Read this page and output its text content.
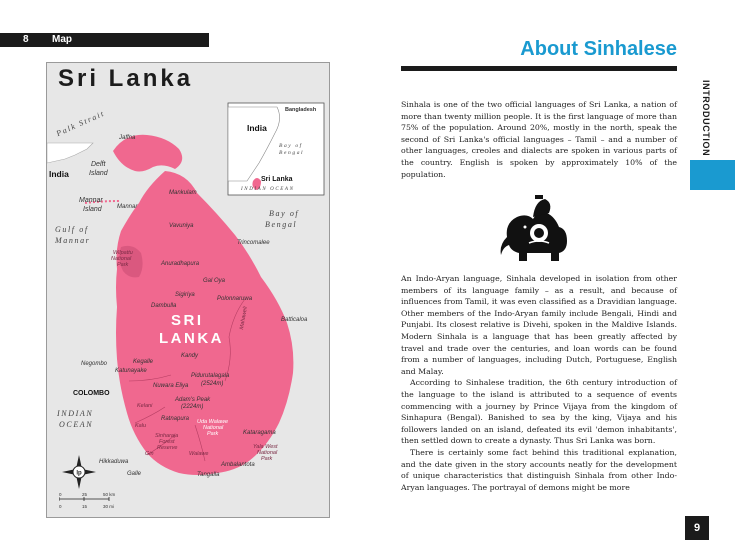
8 Map
Sri Lanka
Palk Strait
Gulf of
Mannar
Bay of
Bengal
INDIAN
OCEAN
India
Delft
Island
Mannar
Island
SRI
LANKA
Jaffna
Mannar
Mankulam
Vavuniya
Trincomalee
Anuradhapura
Gal Oya
Sigiriya
Dambulla
Polonnaruwa
Batticaloa
Kandy
Kegalle
Negombo
Katunayake
COLOMBO
Nuwara Eliya
Ratnapura
Kataragama
Hikkaduwa
Galle	Tangalla
Ambalantota
Pidurutalagala
(2524m)
Adam's Peak
(2224m)
Wilpattu
National
Park
Uda Walawe
National
Park
Sinharaja
Forest
Reserve	Yala West
National
Park
Mahaweli
Kelani
Kalu
Gin	Walawe
Bangladesh
India
Bay of
Bengal
Sri Lanka
INDIAN OCEAN
lp
0	25	50 km
0	15	30 mi
About Sinhalese
INTRODUCTION

Sinhala is one of the two official languages of Sri Lanka, a nation of more than twenty million people. It is the first language of more than 75% of the population. Around 20%, mostly in the north, speak the second of Sri Lanka's official languages – Tamil – and a number of other languages, creoles and dialects are spoken in various parts of the country. English is spoken by approximately 10% of the population.

An Indo-Aryan language, Sinhala developed in isolation from other members of its language family – as a result, and because of influences from Tamil, it was even classified as a Dravidian language. Other members of the Indo-Aryan family include Bengali, Hindi and Punjabi. Its closest relative is Divehi, spoken in the Maldive Islands. Modern Sinhala is a language that has been greatly affected by travel and trade over the centuries, and loan words can be found from a number of languages, including Dutch, Portuguese, English and Malay.

According to Sinhalese tradition, the 6th century introduction of the language to the island is attributed to a sequence of events commencing with a journey by Prince Vijaya from the kingdom of Sinhapura (Bengal). Banished to sea by the king, Vijaya and his followers landed on an island, defeated its evil 'demon inhabitants', then settled down to create a dynasty. Thus Sri Lanka was born.

There is certainly some fact behind this traditional explanation, and the date given in the story accounts neatly for the development of unique characteristics that distinguish Sinhala from other Indo-Aryan languages. The portrayal of demons might be more

9
